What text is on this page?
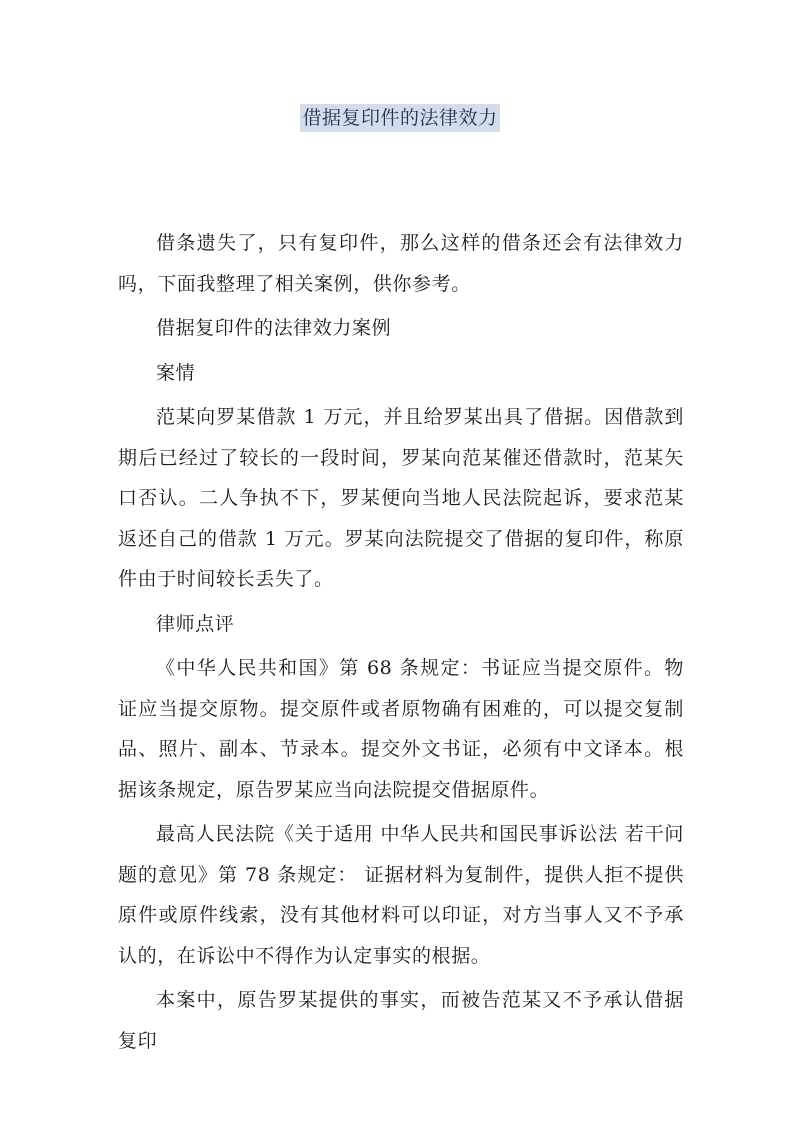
借据复印件的法律效力

借条遗失了，只有复印件，那么这样的借条还会有法律效力吗，下面我整理了相关案例，供你参考。

借据复印件的法律效力案例

案情

范某向罗某借款 1 万元，并且给罗某出具了借据。因借款到期后已经过了较长的一段时间，罗某向范某催还借款时，范某矢口否认。二人争执不下，罗某便向当地人民法院起诉，要求范某返还自己的借款 1 万元。罗某向法院提交了借据的复印件，称原件由于时间较长丢失了。

律师点评

《中华人民共和国》第 68 条规定：书证应当提交原件。物证应当提交原物。提交原件或者原物确有困难的，可以提交复制品、照片、副本、节录本。提交外文书证，必须有中文译本。根据该条规定，原告罗某应当向法院提交借据原件。

最高人民法院《关于适用 中华人民共和国民事诉讼法 若干问题的意见》第 78 条规定： 证据材料为复制件，提供人拒不提供原件或原件线索，没有其他材料可以印证，对方当事人又不予承认的，在诉讼中不得作为认定事实的根据。

本案中，原告罗某提供的事实，而被告范某又不予承认借据复印
